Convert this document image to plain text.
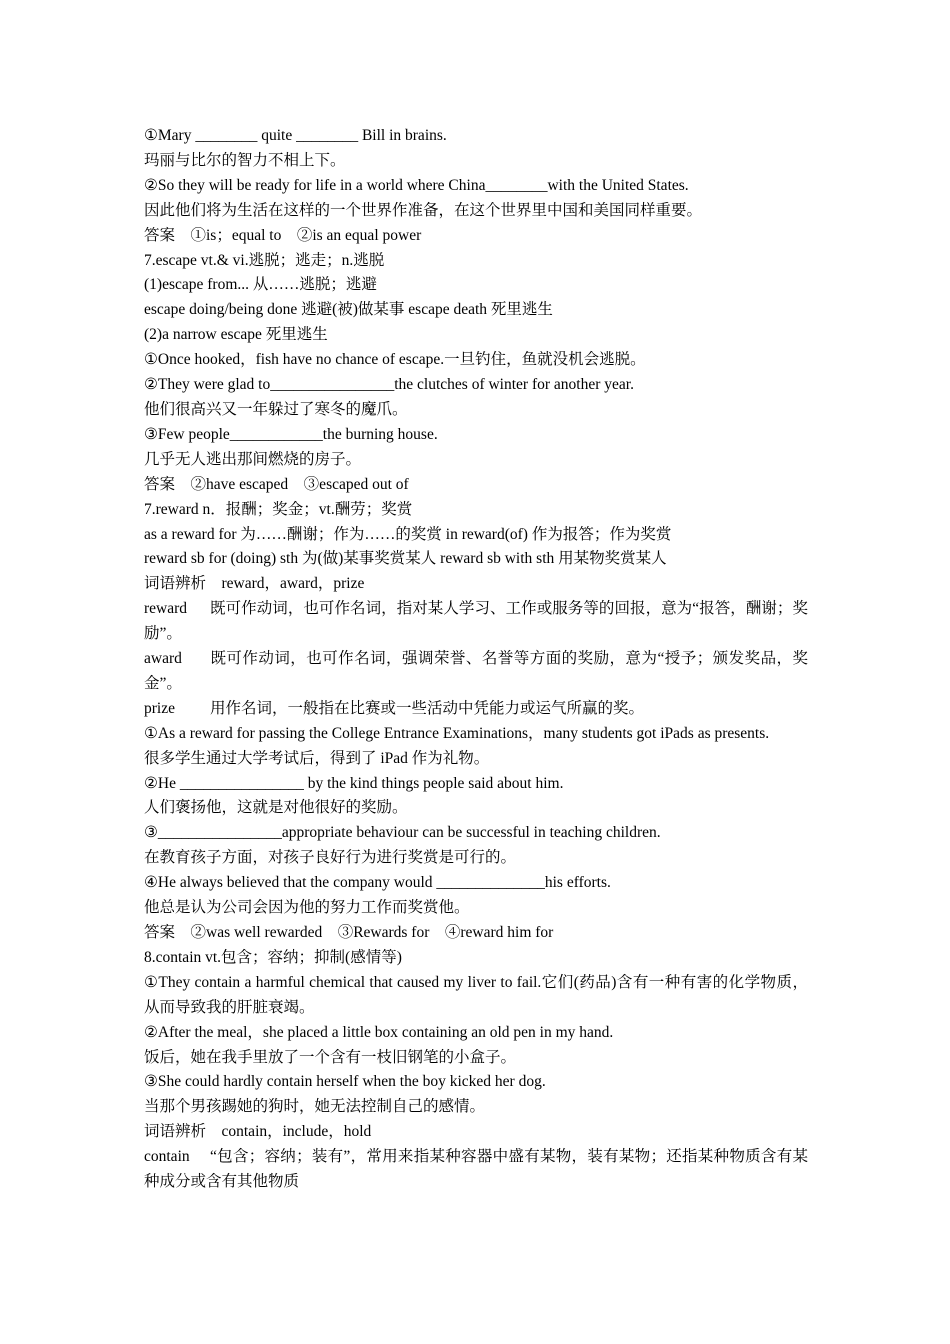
①Mary ________ quite ________ Bill in brains.

玛丽与比尔的智力不相上下。

②So they will be ready for life in a world where China________with the United States.

因此他们将为生活在这样的一个世界作准备，在这个世界里中国和美国同样重要。

答案　①is；equal to　②is an equal power

7.escape vt.& vi.逃脱；逃走；n.逃脱

(1)escape from... 从……逃脱；逃避

escape doing/being done 逃避(被)做某事 escape death 死里逃生

(2)a narrow escape 死里逃生

①Once hooked，fish have no chance of escape.一旦钓住，鱼就没机会逃脱。

②They were glad to________________the clutches of winter for another year.

他们很高兴又一年躲过了寒冬的魔爪。

③Few people____________the burning house.

几乎无人逃出那间燃烧的房子。

答案　②have escaped　③escaped out of

7.reward n．报酬；奖金；vt.酬劳；奖赏

as a reward for 为……酬谢；作为……的奖赏 in reward(of) 作为报答；作为奖赏

reward sb for (doing) sth 为(做)某事奖赏某人 reward sb with sth 用某物奖赏某人

词语辨析　reward，award，prize

reward 既可作动词，也可作名词，指对某人学习、工作或服务等的回报，意为“报答，酬谢；奖励”。

award 既可作动词，也可作名词，强调荣誉、名誉等方面的奖励，意为“授予；颁发奖品，奖金”。

prize 用作名词，一般指在比赛或一些活动中凭能力或运气所赢的奖。

①As a reward for passing the College Entrance Examinations，many students got iPads as presents.

很多学生通过大学考试后，得到了 iPad 作为礼物。

②He ________________ by the kind things people said about him.

人们褒扬他，这就是对他很好的奖励。

③________________appropriate behaviour can be successful in teaching children.

在教育孩子方面，对孩子良好行为进行奖赏是可行的。

④He always believed that the company would ______________his efforts.

他总是认为公司会因为他的努力工作而奖赏他。

答案　②was well rewarded　③Rewards for　④reward him for

8.contain vt.包含；容纳；抑制(感情等)

①They contain a harmful chemical that caused my liver to fail.它们(药品)含有一种有害的化学物质，从而导致我的肝脏衰竭。

②After the meal，she placed a little box containing an old pen in my hand.

饭后，她在我手里放了一个含有一枝旧钢笔的小盒子。

③She could hardly contain herself when the boy kicked her dog.

当那个男孩踢她的狗时，她无法控制自己的感情。

词语辨析　contain，include，hold

contain “包含；容纳；装有”，常用来指某种容器中盛有某物，装有某物；还指某种物质含有某种成分或含有其他物质
